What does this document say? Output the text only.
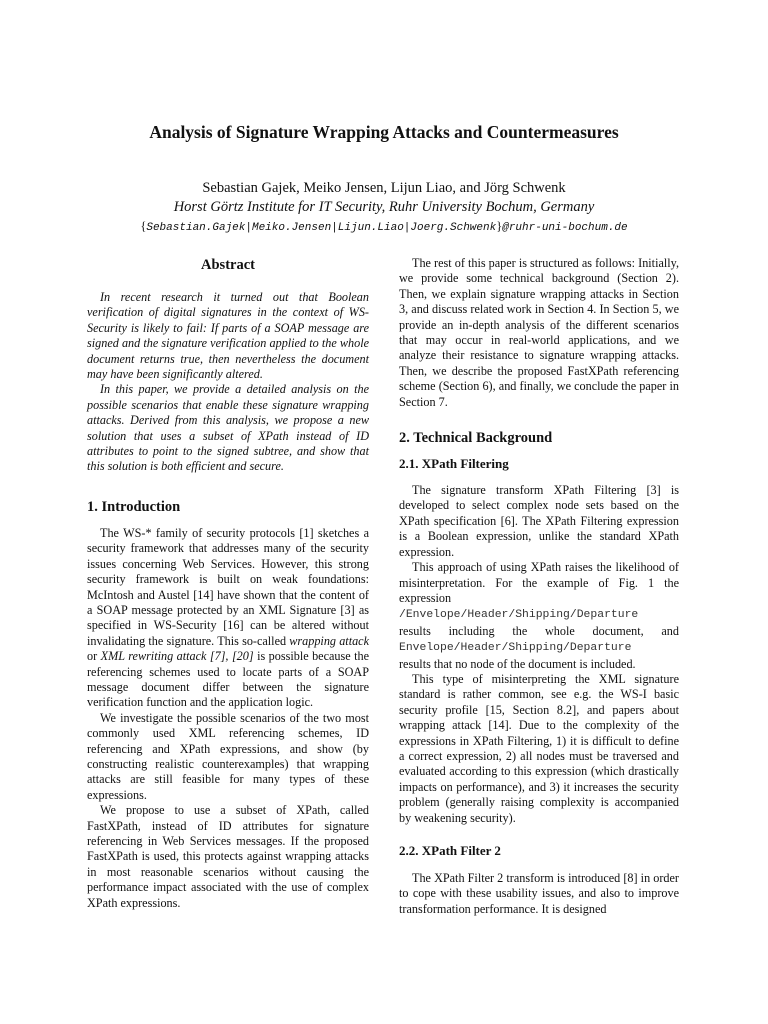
Analysis of Signature Wrapping Attacks and Countermeasures
Sebastian Gajek, Meiko Jensen, Lijun Liao, and Jörg Schwenk
Horst Görtz Institute for IT Security, Ruhr University Bochum, Germany
{Sebastian.Gajek|Meiko.Jensen|Lijun.Liao|Joerg.Schwenk}@ruhr-uni-bochum.de
Abstract

In recent research it turned out that Boolean verification of digital signatures in the context of WS-Security is likely to fail: If parts of a SOAP message are signed and the signature verification applied to the whole document returns true, then nevertheless the document may have been significantly altered.

In this paper, we provide a detailed analysis on the possible scenarios that enable these signature wrapping attacks. Derived from this analysis, we propose a new solution that uses a subset of XPath instead of ID attributes to point to the signed subtree, and show that this solution is both efficient and secure.

1. Introduction

The WS-* family of security protocols [1] sketches a security framework that addresses many of the security issues concerning Web Services. However, this strong security framework is built on weak foundations: McIntosh and Austel [14] have shown that the content of a SOAP message protected by an XML Signature [3] as specified in WS-Security [16] can be altered without invalidating the signature. This so-called wrapping attack or XML rewriting attack [7], [20] is possible because the referencing schemes used to locate parts of a SOAP message document differ between the signature verification function and the application logic.

We investigate the possible scenarios of the two most commonly used XML referencing schemes, ID referencing and XPath expressions, and show (by constructing realistic counterexamples) that wrapping attacks are still feasible for many types of these expressions.

We propose to use a subset of XPath, called FastXPath, instead of ID attributes for signature referencing in Web Services messages. If the proposed FastXPath is used, this protects against wrapping attacks in most reasonable scenarios without causing the performance impact associated with the use of complex XPath expressions.

The rest of this paper is structured as follows: Initially, we provide some technical background (Section 2). Then, we explain signature wrapping attacks in Section 3, and discuss related work in Section 4. In Section 5, we provide an in-depth analysis of the different scenarios that may occur in real-world applications, and we analyze their resistance to signature wrapping attacks. Then, we describe the proposed FastXPath referencing scheme (Section 6), and finally, we conclude the paper in Section 7.

2. Technical Background
2.1. XPath Filtering

The signature transform XPath Filtering [3] is developed to select complex node sets based on the XPath specification [6]. The XPath Filtering expression is a Boolean expression, unlike the standard XPath expression.

This approach of using XPath raises the likelihood of misinterpretation. For the example of Fig. 1 the expression

/Envelope/Header/Shipping/Departure

results including the whole document, and

Envelope/Header/Shipping/Departure

results that no node of the document is included.

This type of misinterpreting the XML signature standard is rather common, see e.g. the WS-I basic security profile [15, Section 8.2], and papers about wrapping attack [14]. Due to the complexity of the expressions in XPath Filtering, 1) it is difficult to define a correct expression, 2) all nodes must be traversed and evaluated according to this expression (which drastically impacts on performance), and 3) it increases the security problem (generally raising complexity is accompanied by weakening security).

2.2. XPath Filter 2

The XPath Filter 2 transform is introduced [8] in order to cope with these usability issues, and also to improve transformation performance. It is designed
